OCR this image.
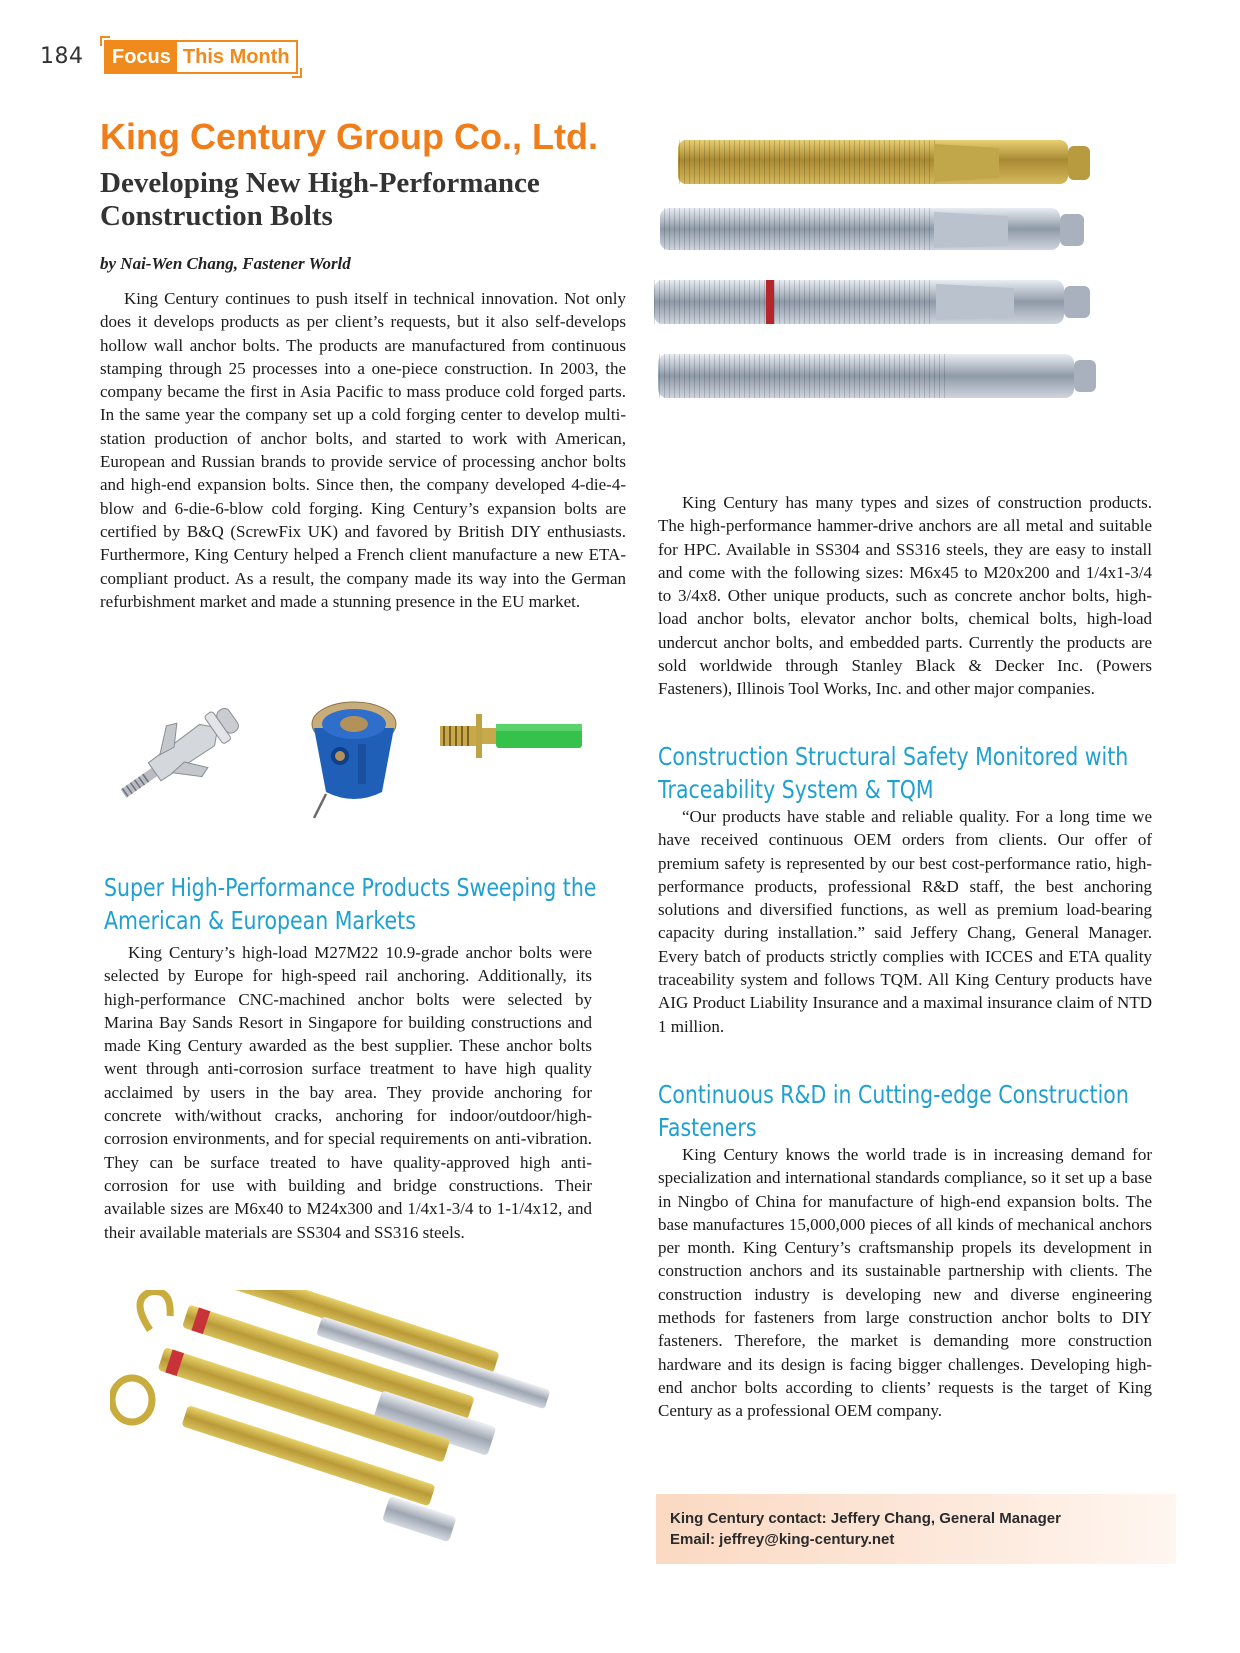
184	Focus This Month
King Century Group Co., Ltd.
Developing New High-Performance
Construction Bolts
by Nai-Wen Chang, Fastener World

King Century continues to push itself in technical innovation. Not only does it develops products as per client’s requests, but it also self-develops hollow wall anchor bolts. The products are manufactured from continuous stamping through 25 processes into a one-piece construction. In 2003, the company became the first in Asia Pacific to mass produce cold forged parts. In the same year the company set up a cold forging center to develop multi-station production of anchor bolts, and started to work with American, European and Russian brands to provide service of processing anchor bolts and high-end expansion bolts. Since then, the company developed 4-die-4-blow and 6-die-6-blow cold forging. King Century’s expansion bolts are certified by B&Q (ScrewFix UK) and favored by British DIY enthusiasts. Furthermore, King Century helped a French client manufacture a new ETA-compliant product. As a result, the company made its way into the German refurbishment market and made a stunning presence in the EU market.

Super High-Performance Products Sweeping the
American & European Markets

King Century’s high-load M27M22 10.9-grade anchor bolts were selected by Europe for high-speed rail anchoring. Additionally, its high-performance CNC-machined anchor bolts were selected by Marina Bay Sands Resort in Singapore for building constructions and made King Century awarded as the best supplier. These anchor bolts went through anti-corrosion surface treatment to have high quality acclaimed by users in the bay area. They provide anchoring for concrete with/without cracks, anchoring for indoor/outdoor/high-corrosion environments, and for special requirements on anti-vibration. They can be surface treated to have quality-approved high anti-corrosion for use with building and bridge constructions. Their available sizes are M6x40 to M24x300 and 1/4x1-3/4 to 1-1/4x12, and their available materials are SS304 and SS316 steels.

King Century has many types and sizes of construction products. The high-performance hammer-drive anchors are all metal and suitable for HPC. Available in SS304 and SS316 steels, they are easy to install and come with the following sizes: M6x45 to M20x200 and 1/4x1-3/4 to 3/4x8. Other unique products, such as concrete anchor bolts, high-load anchor bolts, elevator anchor bolts, chemical bolts, high-load undercut anchor bolts, and embedded parts. Currently the products are sold worldwide through Stanley Black & Decker Inc. (Powers Fasteners), Illinois Tool Works, Inc. and other major companies.

Construction Structural Safety Monitored with
Traceability System & TQM

“Our products have stable and reliable quality. For a long time we have received continuous OEM orders from clients. Our offer of premium safety is represented by our best cost-performance ratio, high-performance products, professional R&D staff, the best anchoring solutions and diversified functions, as well as premium load-bearing capacity during installation.” said Jeffery Chang, General Manager. Every batch of products strictly complies with ICCES and ETA quality traceability system and follows TQM. All King Century products have AIG Product Liability Insurance and a maximal insurance claim of NTD 1 million.

Continuous R&D in Cutting-edge Construction
Fasteners

King Century knows the world trade is in increasing demand for specialization and international standards compliance, so it set up a base in Ningbo of China for manufacture of high-end expansion bolts. The base manufactures 15,000,000 pieces of all kinds of mechanical anchors per month. King Century’s craftsmanship propels its development in construction anchors and its sustainable partnership with clients. The construction industry is developing new and diverse engineering methods for fasteners from large construction anchor bolts to DIY fasteners. Therefore, the market is demanding more construction hardware and its design is facing bigger challenges. Developing high-end anchor bolts according to clients’ requests is the target of King Century as a professional OEM company.

King Century contact: Jeffery Chang, General Manager
Email: jeffrey@king-century.net
